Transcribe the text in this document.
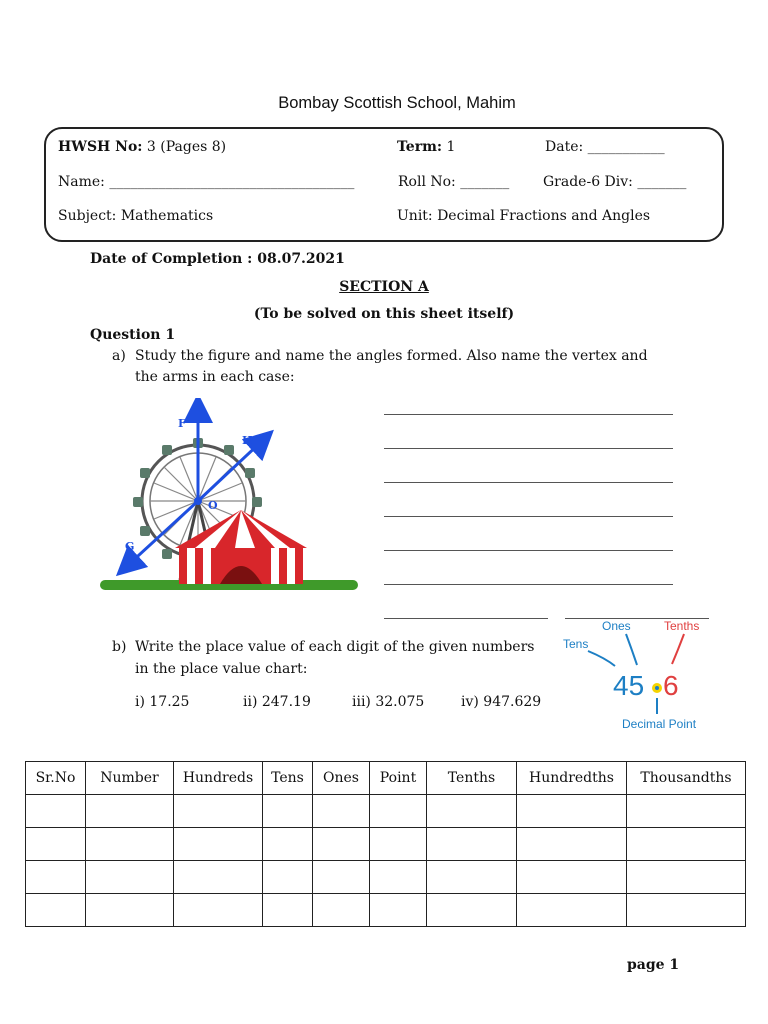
Bombay Scottish School, Mahim
HWSH No: 3 (Pages 8)	Term: 1	Date: ___________
Name: ___________________________________	Roll No: _______ Grade-6 Div: _______
Subject: Mathematics	Unit: Decimal Fractions and Angles
Date of Completion : 08.07.2021
SECTION A
(To be solved on this sheet itself)
Question 1
a) Study the figure and name the angles formed. Also name the vertex and
the arms in each case:
F
H
O
G
b) Write the place value of each digit of the given numbers
in the place value chart:
i) 17.25	ii) 247.19	iii) 32.075	iv) 947.629
Ones	Tenths
Tens
45 6
Decimal Point
Sr.No	Number	Hundreds	Tens	Ones	Point	Tenths	Hundredths	Thousandths

page 1
